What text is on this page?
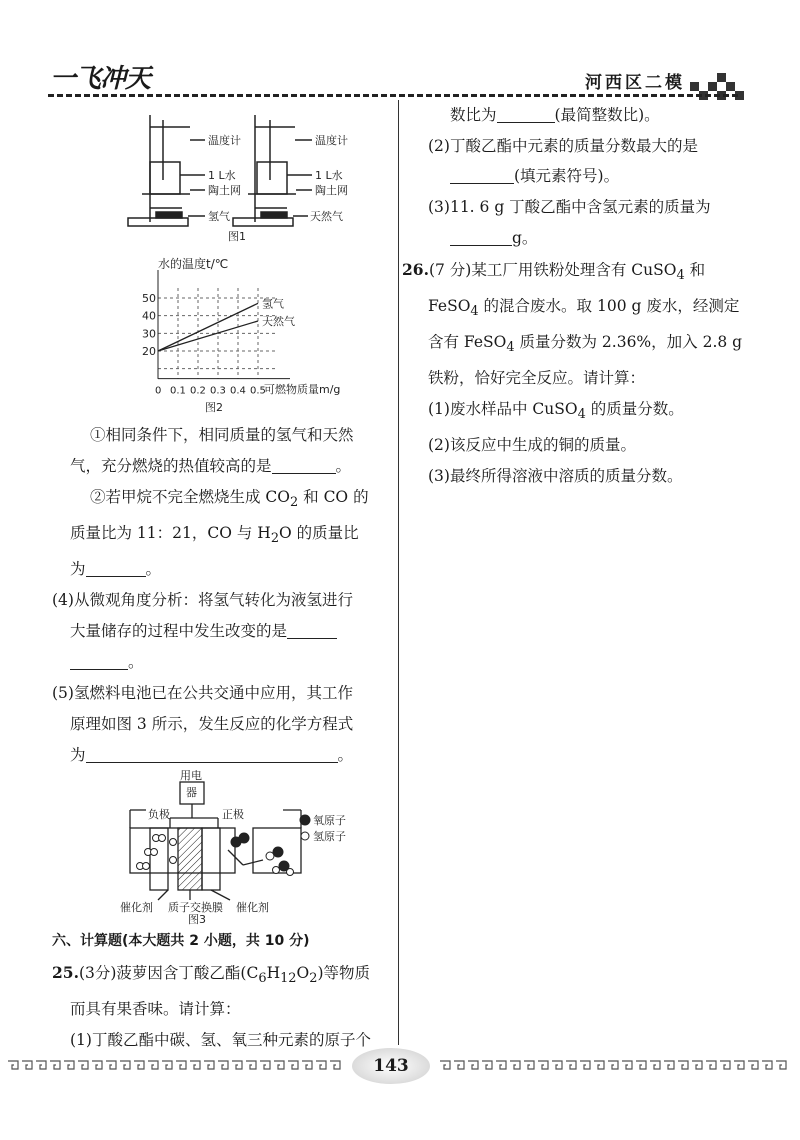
一飞冲天	河西区二模
温度计
1 L水
陶土网
氢气
温度计
1 L水
陶土网
天然气
图1
水的温度t/℃
可燃物质量m/g
图2
20
30
40
50
0 0.1 0.2 0.3 0.4 0.5
氢气
天然气
①相同条件下，相同质量的氢气和天然
气，充分燃烧的热值较高的是	。
②若甲烷不完全燃烧生成 $CO_2$ 和 CO 的
质量比为 11：21，CO 与 $H_2O$ 的质量比
为	。
(4)从微观角度分析：将氢气转化为液氢进行
大量储存的过程中发生改变的是
。
(5)氢燃料电池已在公共交通中应用，其工作
原理如图 3 所示，发生反应的化学方程式
为	。
用电
器
负极	正极	氧原子
氢原子
催化剂 质子交换膜 催化剂
图3
六、计算题(本大题共 2 小题，共 10 分)
25.(3分)菠萝因含丁酸乙酯$(C_6H_{12}O_2)$等物质
而具有果香味。请计算：
(1)丁酸乙酯中碳、氢、氧三种元素的原子个
数比为	(最简整数比)。
(2)丁酸乙酯中元素的质量分数最大的是
(填元素符号)。
(3)11. 6 g 丁酸乙酯中含氢元素的质量为
g。
26.(7 分)某工厂用铁粉处理含有 CuSO$_4$ 和
FeSO$_4$ 的混合废水。取 100 g 废水，经测定
含有 FeSO$_4$ 质量分数为 2.36%，加入 2.8 g
铁粉，恰好完全反应。请计算：
(1)废水样品中 CuSO$_4$ 的质量分数。
(2)该反应中生成的铜的质量。
(3)最终所得溶液中溶质的质量分数。
143
